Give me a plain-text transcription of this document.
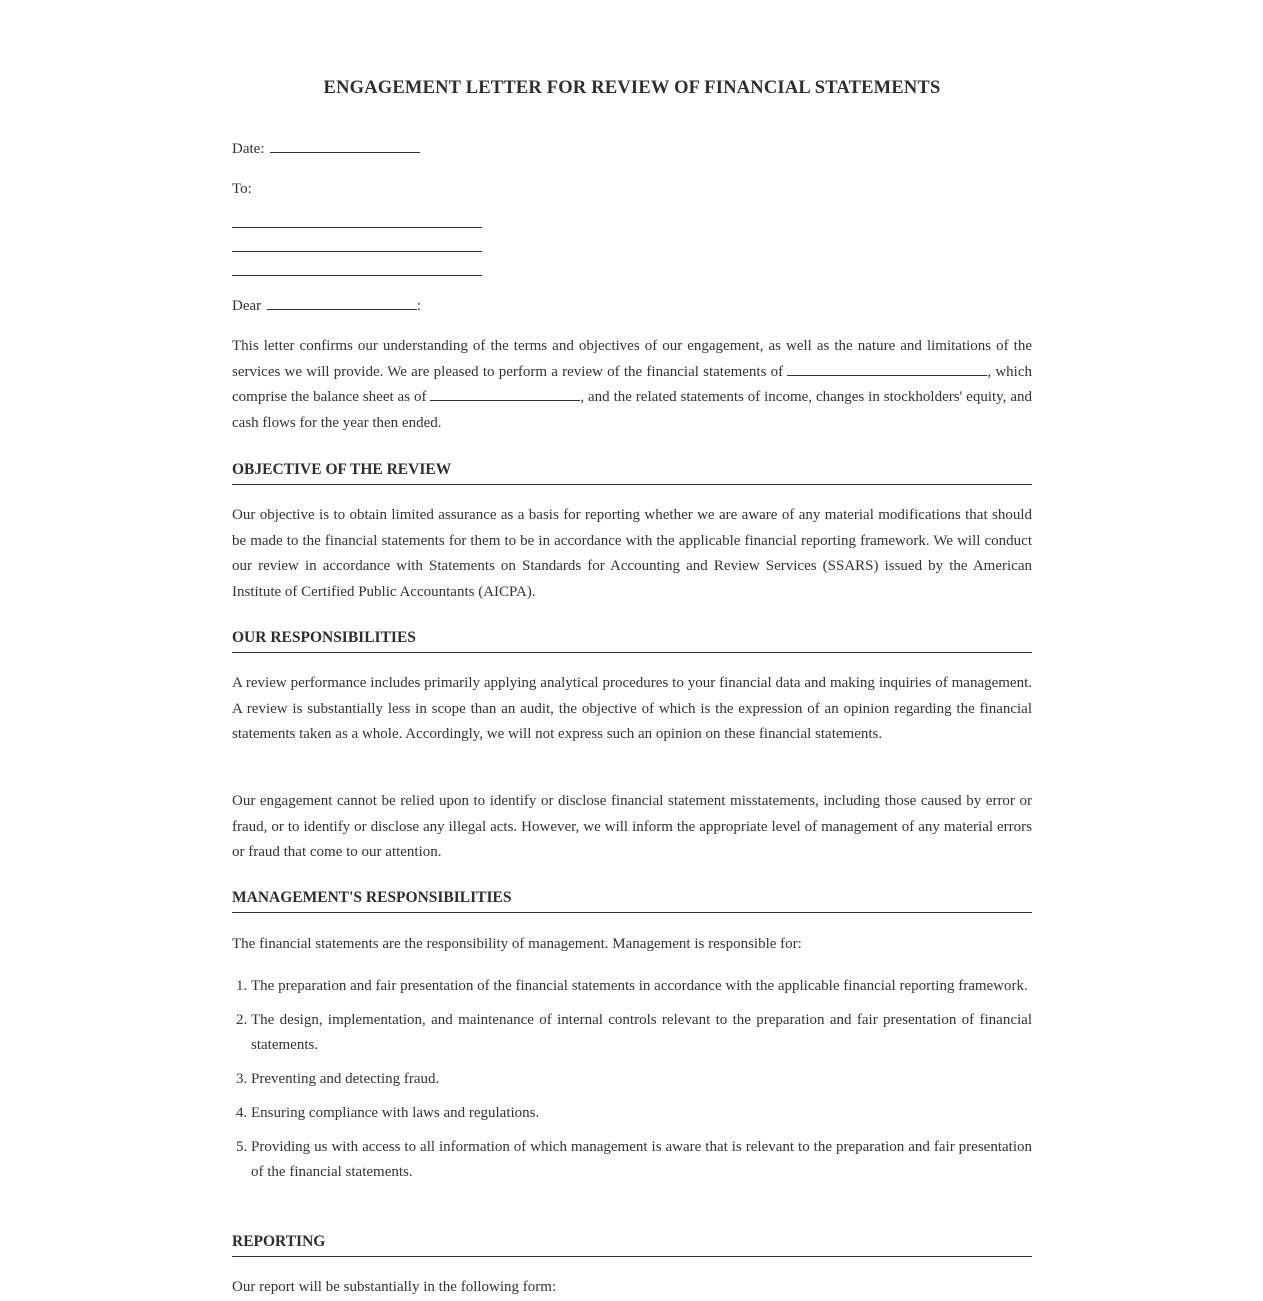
ENGAGEMENT LETTER FOR REVIEW OF FINANCIAL STATEMENTS
Date:
To:
Dear	:

This letter confirms our understanding of the terms and objectives of our engagement, as well as the nature and limitations of the services we will provide. We are pleased to perform a review of the financial statements of	, which comprise the balance sheet as of	, and the related statements of income, changes in stockholders' equity, and cash flows for the year then ended.

OBJECTIVE OF THE REVIEW

Our objective is to obtain limited assurance as a basis for reporting whether we are aware of any material modifications that should be made to the financial statements for them to be in accordance with the applicable financial reporting framework. We will conduct our review in accordance with Statements on Standards for Accounting and Review Services (SSARS) issued by the American Institute of Certified Public Accountants (AICPA).

OUR RESPONSIBILITIES

A review performance includes primarily applying analytical procedures to your financial data and making inquiries of management. A review is substantially less in scope than an audit, the objective of which is the expression of an opinion regarding the financial statements taken as a whole. Accordingly, we will not express such an opinion on these financial statements.

Our engagement cannot be relied upon to identify or disclose financial statement misstatements, including those caused by error or fraud, or to identify or disclose any illegal acts. However, we will inform the appropriate level of management of any material errors or fraud that come to our attention.

MANAGEMENT'S RESPONSIBILITIES

The financial statements are the responsibility of management. Management is responsible for:

1. The preparation and fair presentation of the financial statements in accordance with the applicable financial reporting framework.
2. The design, implementation, and maintenance of internal controls relevant to the preparation and fair presentation of financial statements.
3. Preventing and detecting fraud.
4. Ensuring compliance with laws and regulations.
5. Providing us with access to all information of which management is aware that is relevant to the preparation and fair presentation of the financial statements.
REPORTING

Our report will be substantially in the following form:
